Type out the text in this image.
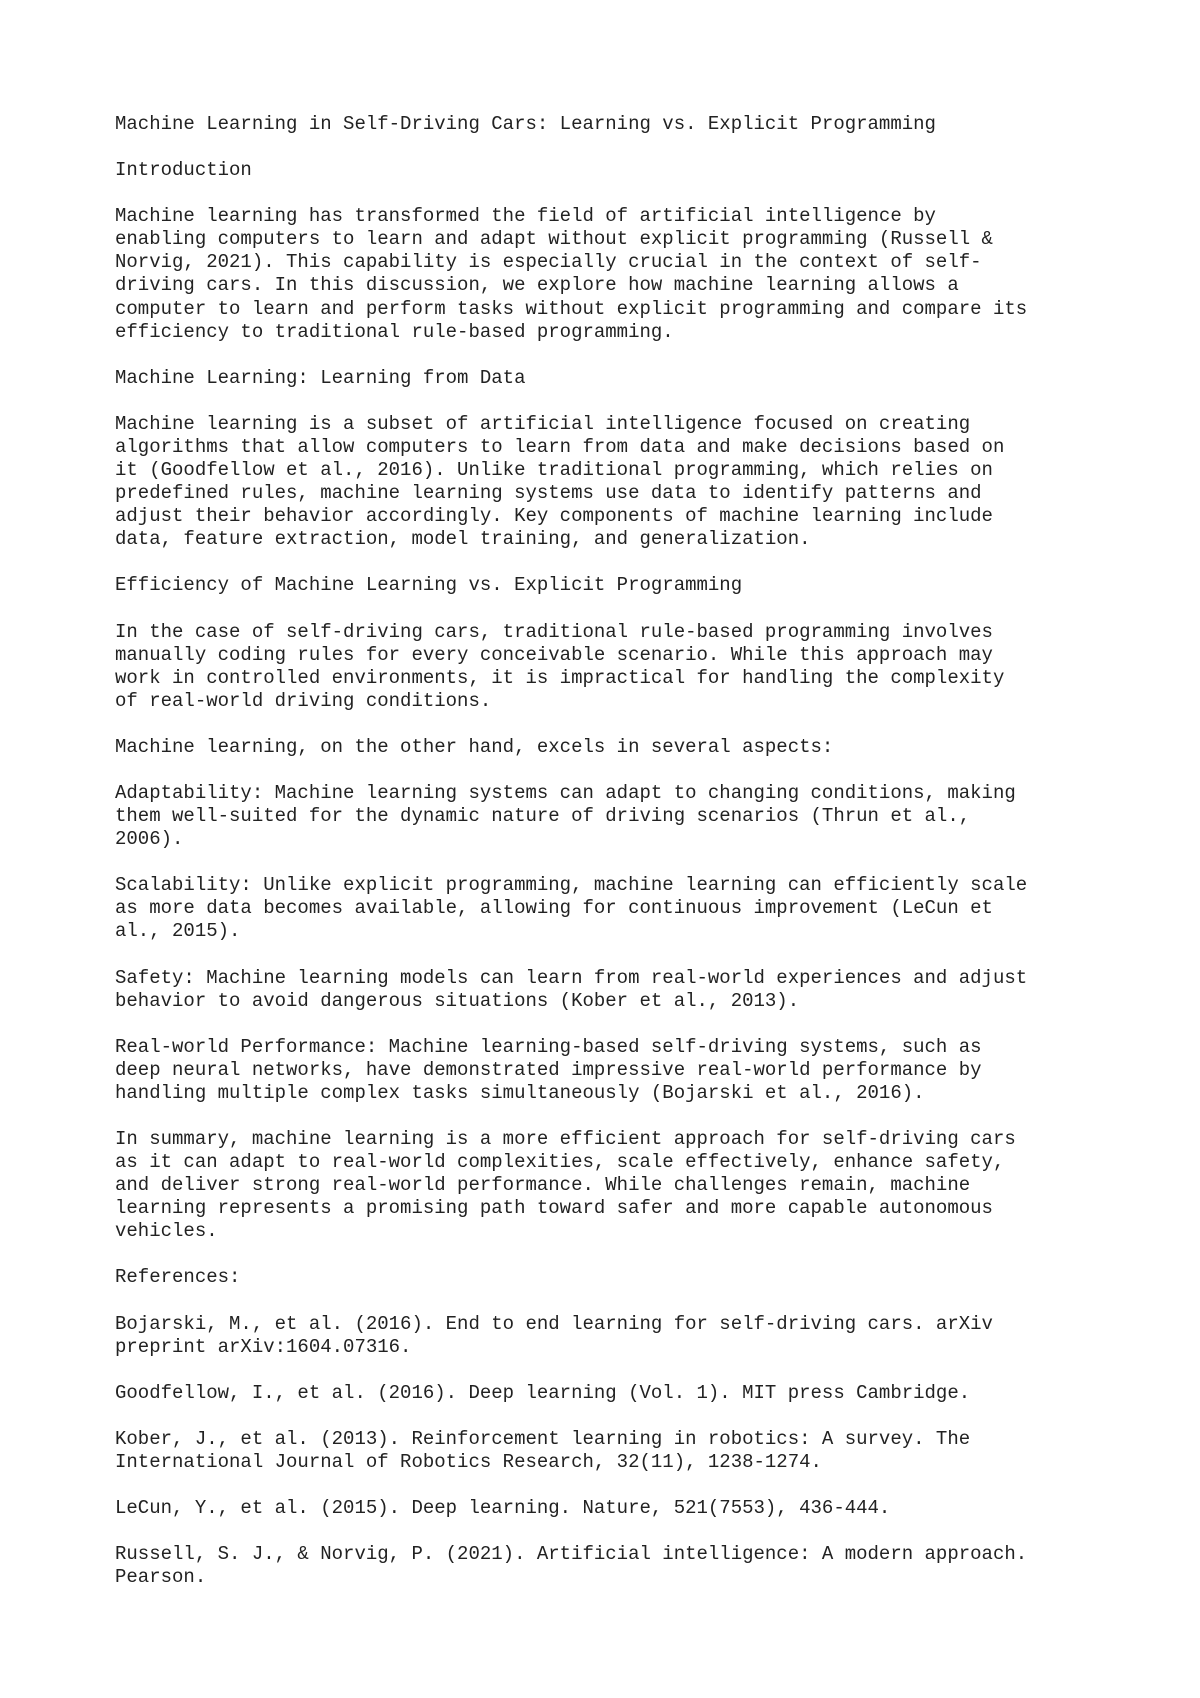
Machine Learning in Self-Driving Cars: Learning vs. Explicit Programming
Introduction
Machine learning has transformed the field of artificial intelligence by
enabling computers to learn and adapt without explicit programming (Russell &
Norvig, 2021). This capability is especially crucial in the context of self-
driving cars. In this discussion, we explore how machine learning allows a
computer to learn and perform tasks without explicit programming and compare its
efficiency to traditional rule-based programming.
Machine Learning: Learning from Data
Machine learning is a subset of artificial intelligence focused on creating
algorithms that allow computers to learn from data and make decisions based on
it (Goodfellow et al., 2016). Unlike traditional programming, which relies on
predefined rules, machine learning systems use data to identify patterns and
adjust their behavior accordingly. Key components of machine learning include
data, feature extraction, model training, and generalization.
Efficiency of Machine Learning vs. Explicit Programming
In the case of self-driving cars, traditional rule-based programming involves
manually coding rules for every conceivable scenario. While this approach may
work in controlled environments, it is impractical for handling the complexity
of real-world driving conditions.
Machine learning, on the other hand, excels in several aspects:
Adaptability: Machine learning systems can adapt to changing conditions, making
them well-suited for the dynamic nature of driving scenarios (Thrun et al.,
2006).
Scalability: Unlike explicit programming, machine learning can efficiently scale
as more data becomes available, allowing for continuous improvement (LeCun et
al., 2015).
Safety: Machine learning models can learn from real-world experiences and adjust
behavior to avoid dangerous situations (Kober et al., 2013).
Real-world Performance: Machine learning-based self-driving systems, such as
deep neural networks, have demonstrated impressive real-world performance by
handling multiple complex tasks simultaneously (Bojarski et al., 2016).
In summary, machine learning is a more efficient approach for self-driving cars
as it can adapt to real-world complexities, scale effectively, enhance safety,
and deliver strong real-world performance. While challenges remain, machine
learning represents a promising path toward safer and more capable autonomous
vehicles.
References:
Bojarski, M., et al. (2016). End to end learning for self-driving cars. arXiv
preprint arXiv:1604.07316.
Goodfellow, I., et al. (2016). Deep learning (Vol. 1). MIT press Cambridge.
Kober, J., et al. (2013). Reinforcement learning in robotics: A survey. The
International Journal of Robotics Research, 32(11), 1238-1274.
LeCun, Y., et al. (2015). Deep learning. Nature, 521(7553), 436-444.
Russell, S. J., & Norvig, P. (2021). Artificial intelligence: A modern approach.
Pearson.
